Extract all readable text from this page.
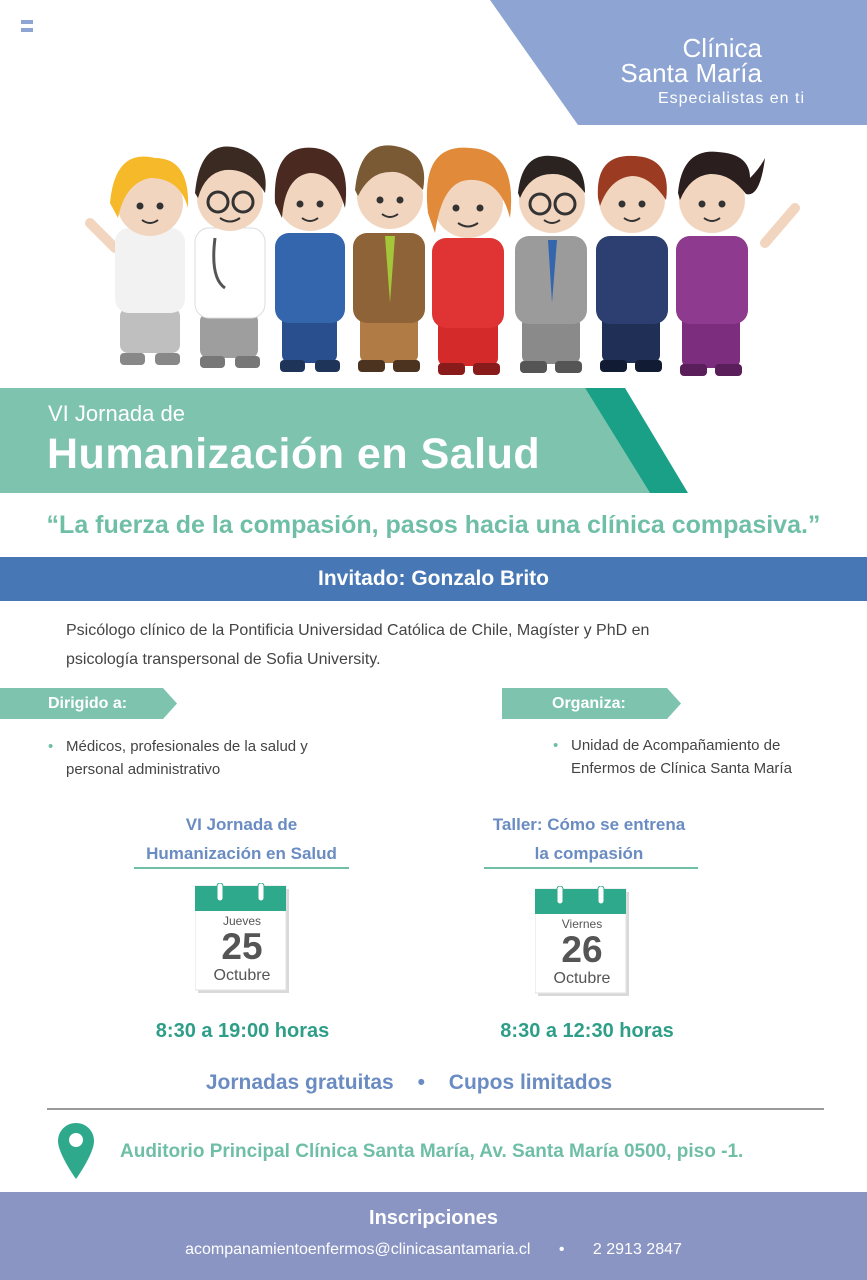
Clínica
Santa María
Especialistas en ti
VI Jornada de
Humanización en Salud
“La fuerza de la compasión, pasos hacia una clínica compasiva.”
Invitado: Gonzalo Brito
Psicólogo clínico de la Pontificia Universidad Católica de Chile, Magíster y PhD en
psicología transpersonal de Sofia University.
Dirigido a:	Organiza:
• Médicos, profesionales de la salud y
personal administrativo
• Unidad de Acompañamiento de
Enfermos de Clínica Santa María
VI Jornada de
Humanización en Salud
Jueves
25
Octubre
8:30 a 19:00 horas
Taller: Cómo se entrena
la compasión
Viernes
26
Octubre
8:30 a 12:30 horas
Jornadas gratuitas • Cupos limitados
Auditorio Principal Clínica Santa María, Av. Santa María 0500, piso -1.
Inscripciones
acompanamientoenfermos@clinicasantamaria.cl • 2 2913 2847
